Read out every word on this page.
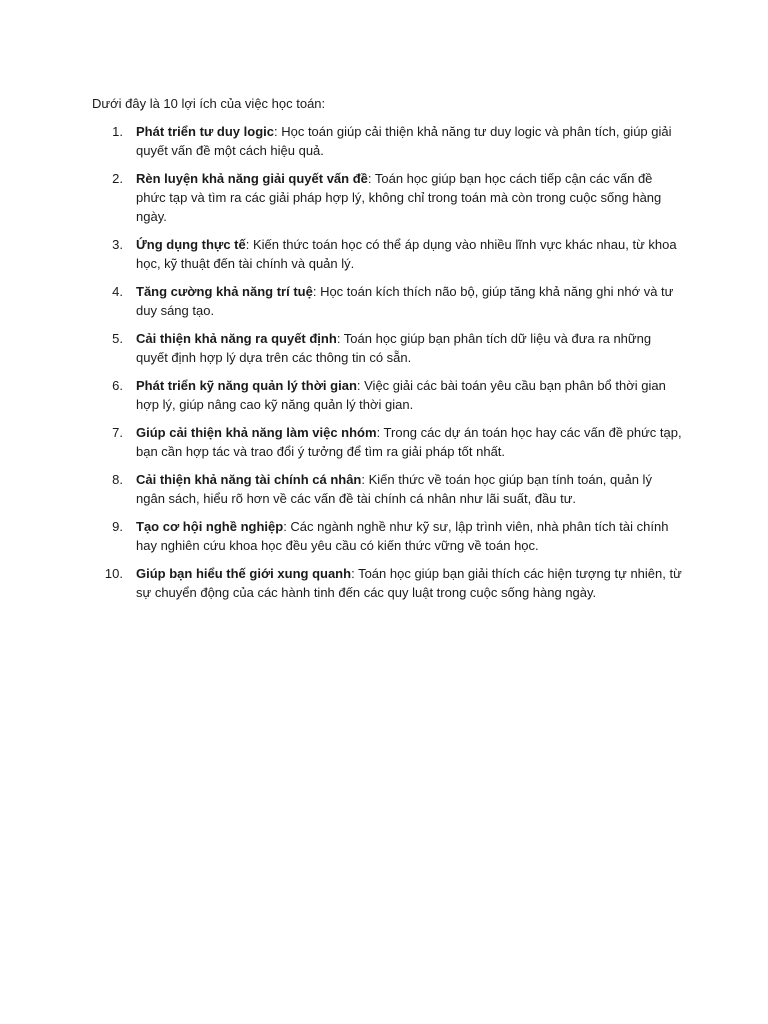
Dưới đây là 10 lợi ích của việc học toán:

1. Phát triển tư duy logic: Học toán giúp cải thiện khả năng tư duy logic và phân tích, giúp giải quyết vấn đề một cách hiệu quả.
2. Rèn luyện khả năng giải quyết vấn đề: Toán học giúp bạn học cách tiếp cận các vấn đề phức tạp và tìm ra các giải pháp hợp lý, không chỉ trong toán mà còn trong cuộc sống hàng ngày.
3. Ứng dụng thực tế: Kiến thức toán học có thể áp dụng vào nhiều lĩnh vực khác nhau, từ khoa học, kỹ thuật đến tài chính và quản lý.
4. Tăng cường khả năng trí tuệ: Học toán kích thích não bộ, giúp tăng khả năng ghi nhớ và tư duy sáng tạo.
5. Cải thiện khả năng ra quyết định: Toán học giúp bạn phân tích dữ liệu và đưa ra những quyết định hợp lý dựa trên các thông tin có sẵn.
6. Phát triển kỹ năng quản lý thời gian: Việc giải các bài toán yêu cầu bạn phân bổ thời gian hợp lý, giúp nâng cao kỹ năng quản lý thời gian.
7. Giúp cải thiện khả năng làm việc nhóm: Trong các dự án toán học hay các vấn đề phức tạp, bạn cần hợp tác và trao đổi ý tưởng để tìm ra giải pháp tốt nhất.
8. Cải thiện khả năng tài chính cá nhân: Kiến thức về toán học giúp bạn tính toán, quản lý ngân sách, hiểu rõ hơn về các vấn đề tài chính cá nhân như lãi suất, đầu tư.
9. Tạo cơ hội nghề nghiệp: Các ngành nghề như kỹ sư, lập trình viên, nhà phân tích tài chính hay nghiên cứu khoa học đều yêu cầu có kiến thức vững về toán học.
10. Giúp bạn hiểu thế giới xung quanh: Toán học giúp bạn giải thích các hiện tượng tự nhiên, từ sự chuyển động của các hành tinh đến các quy luật trong cuộc sống hàng ngày.
